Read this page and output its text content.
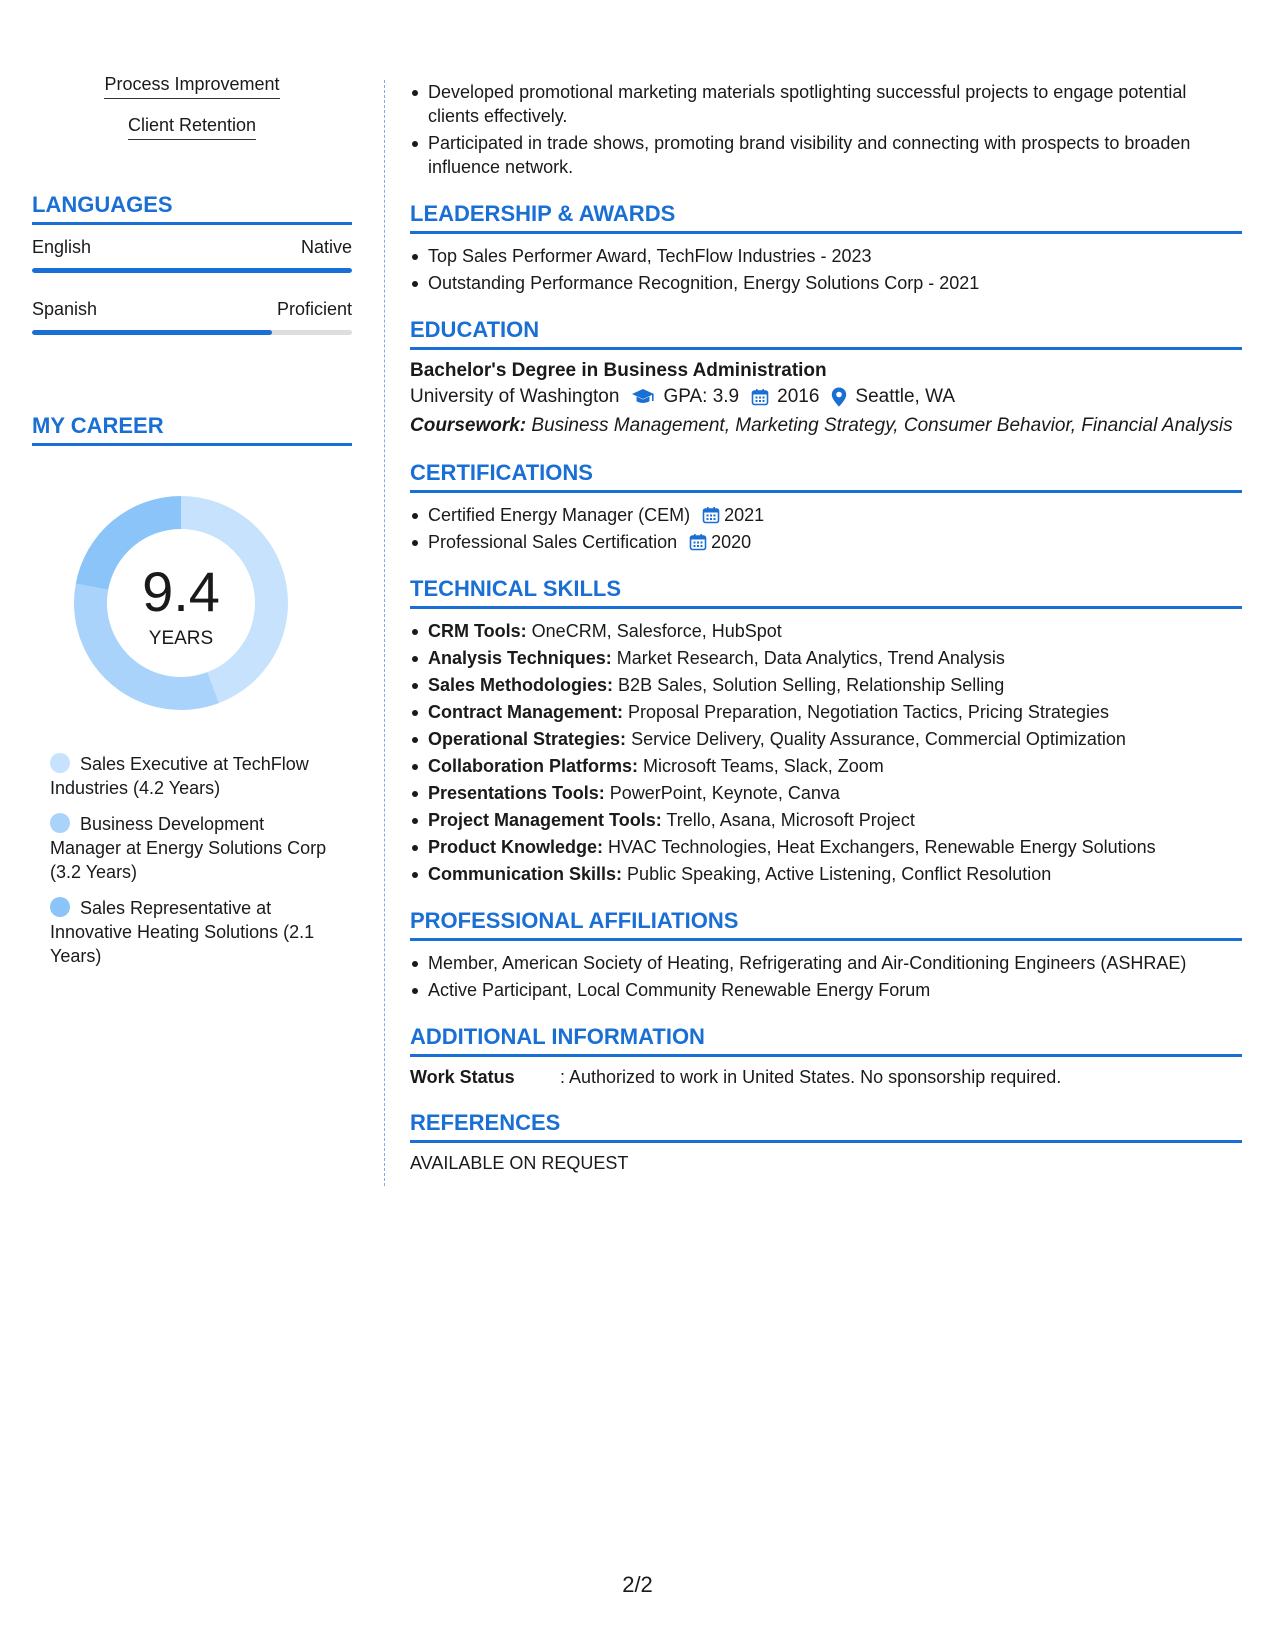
Process Improvement
Client Retention
LANGUAGES
English	Native
Spanish	Proficient
MY CAREER
9.4
YEARS
Sales Executive at TechFlow Industries (4.2 Years)
Business Development Manager at Energy Solutions Corp (3.2 Years)
Sales Representative at Innovative Heating Solutions (2.1 Years)
Developed promotional marketing materials spotlighting successful projects to engage potential clients effectively.
Participated in trade shows, promoting brand visibility and connecting with prospects to broaden influence network.
LEADERSHIP & AWARDS
Top Sales Performer Award, TechFlow Industries - 2023
Outstanding Performance Recognition, Energy Solutions Corp - 2021
EDUCATION
Bachelor's Degree in Business Administration
University of Washington GPA: 3.9 2016 Seattle, WA
Coursework: Business Management, Marketing Strategy, Consumer Behavior, Financial Analysis
CERTIFICATIONS
Certified Energy Manager (CEM) 2021
Professional Sales Certification 2020
TECHNICAL SKILLS
CRM Tools: OneCRM, Salesforce, HubSpot
Analysis Techniques: Market Research, Data Analytics, Trend Analysis
Sales Methodologies: B2B Sales, Solution Selling, Relationship Selling
Contract Management: Proposal Preparation, Negotiation Tactics, Pricing Strategies
Operational Strategies: Service Delivery, Quality Assurance, Commercial Optimization
Collaboration Platforms: Microsoft Teams, Slack, Zoom
Presentations Tools: PowerPoint, Keynote, Canva
Project Management Tools: Trello, Asana, Microsoft Project
Product Knowledge: HVAC Technologies, Heat Exchangers, Renewable Energy Solutions
Communication Skills: Public Speaking, Active Listening, Conflict Resolution
PROFESSIONAL AFFILIATIONS
Member, American Society of Heating, Refrigerating and Air-Conditioning Engineers (ASHRAE)
Active Participant, Local Community Renewable Energy Forum
ADDITIONAL INFORMATION
Work Status	: Authorized to work in United States. No sponsorship required.
REFERENCES
AVAILABLE ON REQUEST
2/2
